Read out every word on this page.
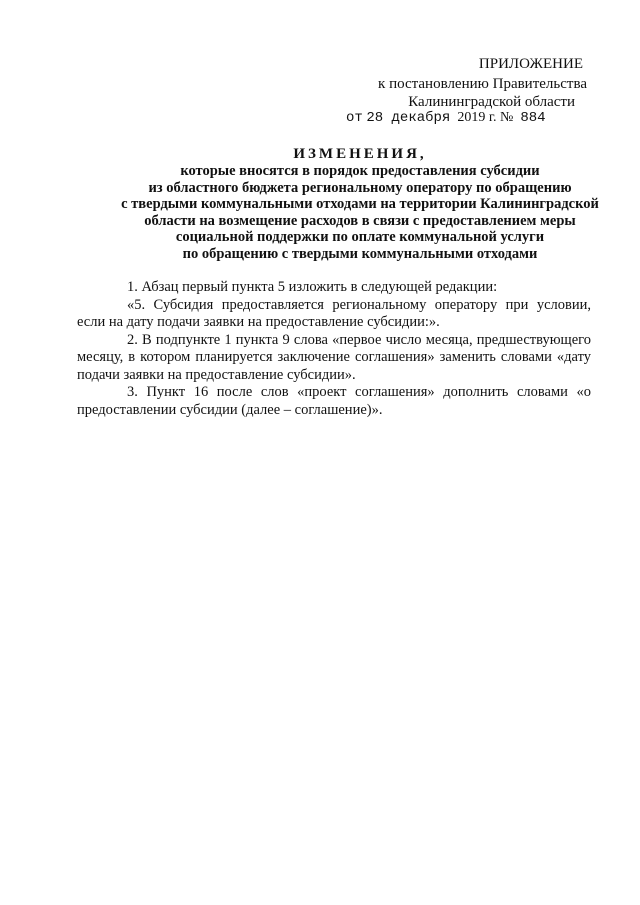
ПРИЛОЖЕНИЕ
к постановлению Правительства
Калининградской области
от 28 декабря 2019 г. № 884
ИЗМЕНЕНИЯ,
которые вносятся в порядок предоставления субсидии
из областного бюджета региональному оператору по обращению
с твердыми коммунальными отходами на территории Калининградской
области на возмещение расходов в связи с предоставлением меры
социальной поддержки по оплате коммунальной услуги
по обращению с твердыми коммунальными отходами

1. Абзац первый пункта 5 изложить в следующей редакции:

«5. Субсидия предоставляется региональному оператору при условии, если на дату подачи заявки на предоставление субсидии:».

2. В подпункте 1 пункта 9 слова «первое число месяца, предшествующего месяцу, в котором планируется заключение соглашения» заменить словами «дату подачи заявки на предоставление субсидии».

3. Пункт 16 после слов «проект соглашения» дополнить словами «о предоставлении субсидии (далее – соглашение)».
